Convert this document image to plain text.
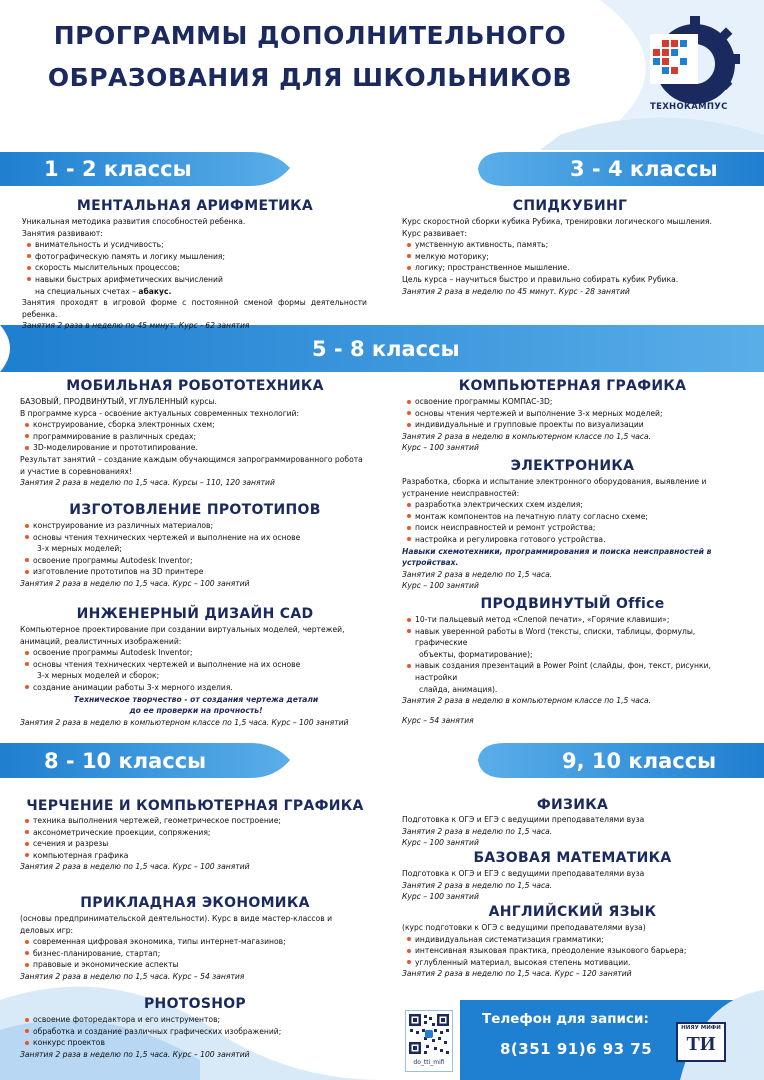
ПРОГРАММЫ ДОПОЛНИТЕЛЬНОГО
ОБРАЗОВАНИЯ ДЛЯ ШКОЛЬНИКОВ
ТЕХНОКАМПУС
1 - 2 классы	3 - 4 классы
5 - 8 классы
8 - 10 классы	9, 10 классы
МЕНТАЛЬНАЯ АРИФМЕТИКА

Уникальная методика развития способностей ребенка.

Занятия развивают:

внимательность и усидчивость;
фотографическую память и логику мышления;
скорость мыслительных процессов;
навыки быстрых арифметических вычислений

на специальных счетах – абакус.

Занятия проходят в игровой форме с постоянной сменой формы деятельности ребенка.

Занятия 2 раза в неделю по 45 минут. Курс - 62 занятия

СПИДКУБИНГ

Курс скоростной сборки кубика Рубика, тренировки логического мышления.

Курс развивает:

умственную активность, память;
мелкую моторику;
логику; пространственное мышление.

Цель курса – научиться быстро и правильно собирать кубик Рубика.

Занятия 2 раза в неделю по 45 минут. Курс - 28 занятий

МОБИЛЬНАЯ РОБОТОТЕХНИКА

БАЗОВЫЙ, ПРОДВИНУТЫЙ, УГЛУБЛЕННЫЙ курсы.

В программе курса - освоение актуальных современных технологий:

конструирование, сборка электронных схем;
программирование в различных средах;
3D-моделирование и прототипирование.

Результат занятий – создание каждым обучающимся запрограммированного робота и участие в соревнованиях!

Занятия 2 раза в неделю по 1,5 часа. Курсы – 110, 120 занятий

ИЗГОТОВЛЕНИЕ ПРОТОТИПОВ
конструирование из различных материалов;
основы чтения технических чертежей и выполнение на их основе

3-х мерных моделей;

освоение программы Autodesk Inventor;
изготовление прототипов на 3D принтере

Занятия 2 раза в неделю по 1,5 часа. Курс – 100 занятий

ИНЖЕНЕРНЫЙ ДИЗАЙН CAD

Компьютерное проектирование при создании виртуальных моделей, чертежей, анимаций, реалистичных изображений:

освоение программы Autodesk Inventor;
основы чтения технических чертежей и выполнение на их основе

3-х мерных моделей и сборок;

создание анимации работы 3-х мерного изделия.

Техническое творчество - от создания чертежа детали

до ее проверки на прочность!

Занятия 2 раза в неделю в компьютерном классе по 1,5 часа. Курс – 100 занятий

КОМПЬЮТЕРНАЯ ГРАФИКА
освоение программы КОМПАС-3D;
основы чтения чертежей и выполнение 3-х мерных моделей;
индивидуальные и групповые проекты по визуализации

Занятия 2 раза в неделю в компьютерном классе по 1,5 часа.

Курс – 100 занятий

ЭЛЕКТРОНИКА

Разработка, сборка и испытание электронного оборудования, выявление и устранение неисправностей:

разработка электрических схем изделия;
монтаж компонентов на печатную плату согласно схеме;
поиск неисправностей и ремонт устройства;
настройка и регулировка готового устройства.

Навыки схемотехники, программирования и поиска неисправностей в устройствах.

Занятия 2 раза в неделю по 1,5 часа.

Курс – 100 занятий

ПРОДВИНУТЫЙ Office
10-ти пальцевый метод «Слепой печати», «Горячие клавиши»;
навык уверенной работы в Word (тексты, списки, таблицы, формулы, графические

объекты, форматирование);

навык создания презентаций в Power Point (слайды, фон, текст, рисунки, настройки

слайда, анимация).

Занятия 2 раза в неделю в компьютерном классе по 1,5 часа.

Курс – 54 занятия

ЧЕРЧЕНИЕ И КОМПЬЮТЕРНАЯ ГРАФИКА
техника выполнения чертежей, геометрическое построение;
аксонометрические проекции, сопряжения;
сечения и разрезы
компьютерная графика

Занятия 2 раза в неделю по 1,5 часа. Курс – 100 занятий

ПРИКЛАДНАЯ ЭКОНОМИКА

(основы предпринимательской деятельности). Курс в виде мастер-классов и деловых игр:

современная цифровая экономика, типы интернет-магазинов;
бизнес-планирование, стартап;
правовые и экономические аспекты

Занятия 2 раза в неделю по 1,5 часа. Курс – 54 занятия

PHOTOSHOP
освоение фоторедактора и его инструментов;
обработка и создание различных графических изображений;
конкурс проектов

Занятия 2 раза в неделю по 1,5 часа. Курс – 100 занятий

ФИЗИКА

Подготовка к ОГЭ и ЕГЭ с ведущими преподавателями вуза

Занятия 2 раза в неделю по 1,5 часа.

Курс – 100 занятий

БАЗОВАЯ МАТЕМАТИКА

Подготовка к ОГЭ и ЕГЭ с ведущими преподавателями вуза

Занятия 2 раза в неделю по 1,5 часа.

Курс – 100 занятий

АНГЛИЙСКИЙ ЯЗЫК

(курс подготовки к ОГЭ с ведущими преподавателями вуза)

индивидуальная систематизация грамматики;
интенсивная языковая практика, преодоление языкового барьера;
углубленный материал, высокая степень мотивации.

Занятия 2 раза в неделю по 1,5 часа. Курс – 120 занятий

do_tti_mifi
Телефон для записи:
8(351 91)6 93 75
НИЯУ МИФИ
ТИ
